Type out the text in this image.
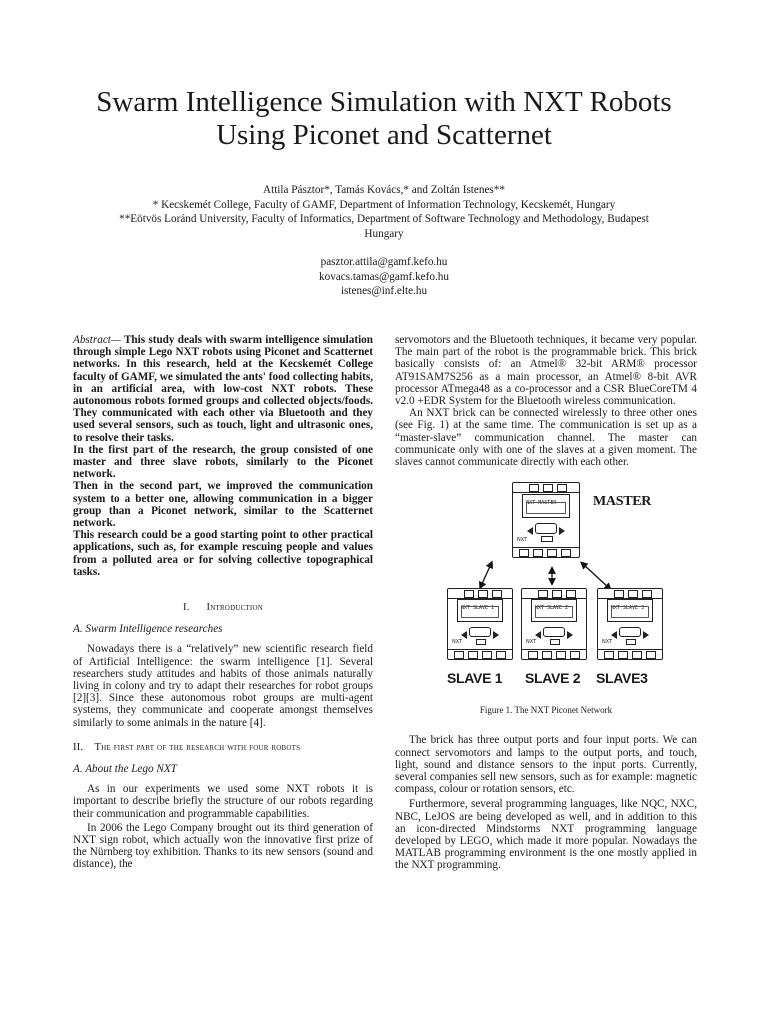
Swarm Intelligence Simulation with NXT Robots
Using Piconet and Scatternet
Attila Pásztor*, Tamás Kovács,* and Zoltán Istenes**
* Kecskemét College, Faculty of GAMF, Department of Information Technology, Kecskemét, Hungary
**Eötvös Loránd University, Faculty of Informatics, Department of Software Technology and Methodology, Budapest
Hungary
pasztor.attila@gamf.kefo.hu
kovacs.tamas@gamf.kefo.hu
istenes@inf.elte.hu

Abstract— This study deals with swarm intelligence simulation through simple Lego NXT robots using Piconet and Scatternet networks. In this research, held at the Kecskemét College faculty of GAMF, we simulated the ants' food collecting habits, in an artificial area, with low-cost NXT robots. These autonomous robots formed groups and collected objects/foods. They communicated with each other via Bluetooth and they used several sensors, such as touch, light and ultrasonic ones, to resolve their tasks.

In the first part of the research, the group consisted of one master and three slave robots, similarly to the Piconet network.

Then in the second part, we improved the communication system to a better one, allowing communication in a bigger group than a Piconet network, similar to the Scatternet network.

This research could be a good starting point to other practical applications, such as, for example rescuing people and values from a polluted area or for solving collective topographical tasks.

I. Introduction
A. Swarm Intelligence researches

Nowadays there is a “relatively” new scientific research field of Artificial Intelligence: the swarm intelligence [1]. Several researchers study attitudes and habits of those animals naturally living in colony and try to adapt their researches for robot groups [2][3]. Since these autonomous robot groups are multi-agent systems, they communicate and cooperate amongst themselves similarly to some animals in the nature [4].

II. The first part of the research with four robots
A. About the Lego NXT

As in our experiments we used some NXT robots it is important to describe briefly the structure of our robots regarding their communication and programmable capabilities.

In 2006 the Lego Company brought out its third generation of NXT sign robot, which actually won the innovative first prize of the Nürnberg toy exhibition. Thanks to its new sensors (sound and distance), the

servomotors and the Bluetooth techniques, it became very popular. The main part of the robot is the programmable brick. This brick basically consists of: an Atmel® 32-bit ARM® processor AT91SAM7S256 as a main processor, an Atmel® 8-bit AVR processor ATmega48 as a co-processor and a CSR BlueCoreTM 4 v2.0 +EDR System for the Bluetooth wireless communication.

An NXT brick can be connected wirelessly to three other ones (see Fig. 1) at the same time. The communication is set up as a “master-slave” communication channel. The master can communicate only with one of the slaves at a given moment. The slaves cannot communicate directly with each other.

NXT MASTER
NXT
MASTER
NXT SLAVE 1
NXT
NXT SLAVE 2
NXT
NXT SLAVE 3
NXT
SLAVE 1 SLAVE 2 SLAVE3
Figure 1. The NXT Piconet Network

The brick has three output ports and four input ports. We can connect servomotors and lamps to the output ports, and touch, light, sound and distance sensors to the input ports. Currently, several companies sell new sensors, such as for example: magnetic compass, colour or rotation sensors, etc.

Furthermore, several programming languages, like NQC, NXC, NBC, LeJOS are being developed as well, and in addition to this an icon-directed Mindstorms NXT programming language developed by LEGO, which made it more popular. Nowadays the MATLAB programming environment is the one mostly applied in the NXT programming.
